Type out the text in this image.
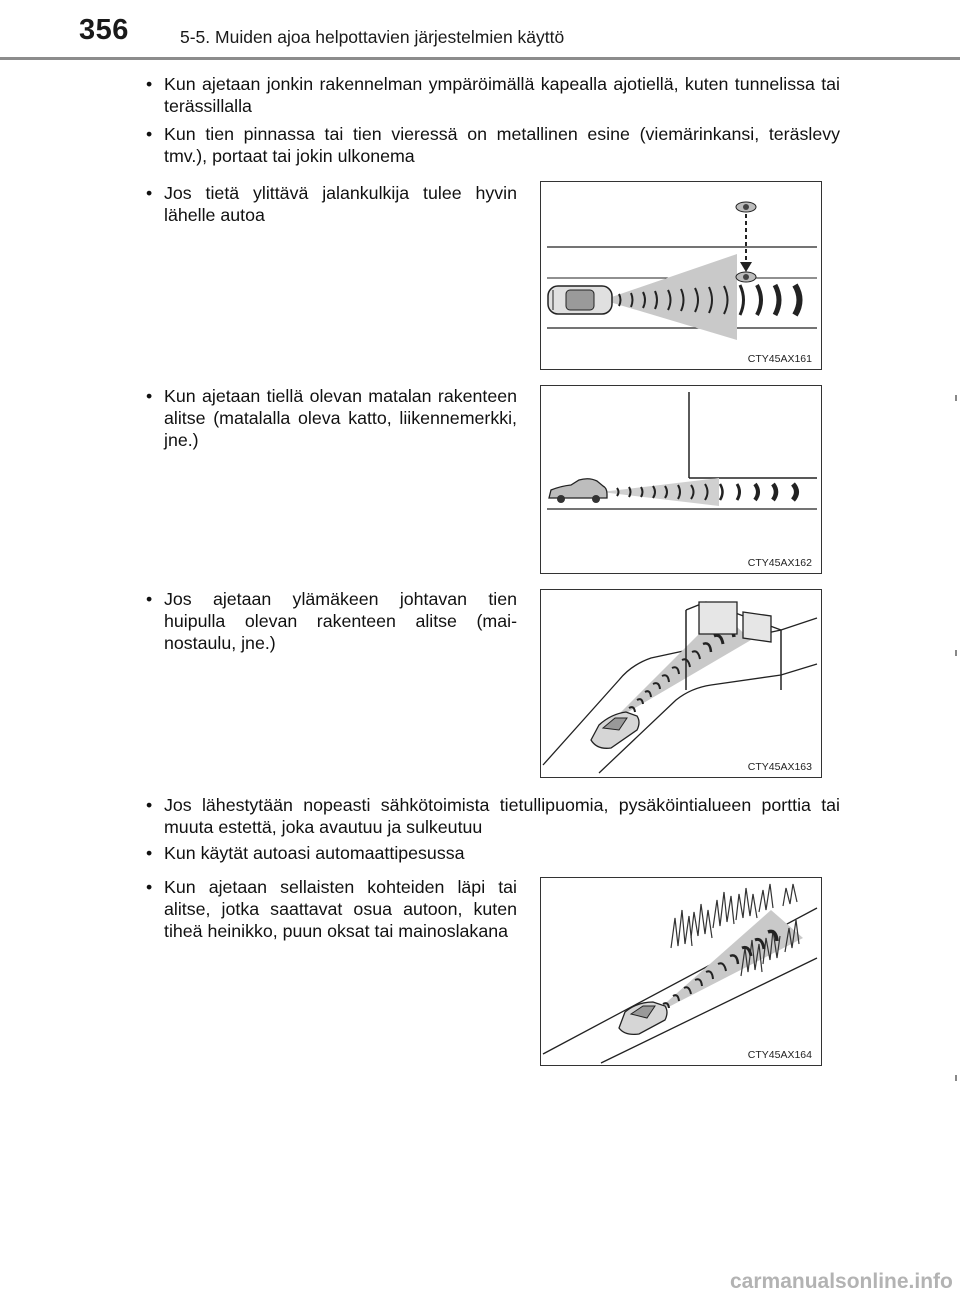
356	5-5. Muiden ajoa helpottavien järjestelmien käyttö
• Kun ajetaan jonkin rakennelman ympäröimällä kapealla ajotiellä, kuten tunnelissa tai terässillalla

• Kun tien pinnassa tai tien vieressä on metallinen esine (viemärinkansi, teräslevy tmv.), portaat tai jokin ulkonema

• Jos tietä ylittävä jalankulkija tulee hyvin lähelle autoa

CTY45AX161
• Kun ajetaan tiellä olevan matalan rakenteen alitse (matalalla oleva katto, liikennemerkki, jne.)

CTY45AX162
• Jos ajetaan ylämäkeen johtavan tien huipulla olevan rakenteen alitse (mai-nostaulu, jne.)

CTY45AX163
• Jos lähestytään nopeasti sähkötoimista tietullipuomia, pysäköintialueen porttia tai muuta estettä, joka avautuu ja sulkeutuu

• Kun käytät autoasi automaattipesussa

• Kun ajetaan sellaisten kohteiden läpi tai alitse, jotka saattavat osua autoon, kuten tiheä heinikko, puun oksat tai mainoslakana

CTY45AX164
carmanualsonline.info
